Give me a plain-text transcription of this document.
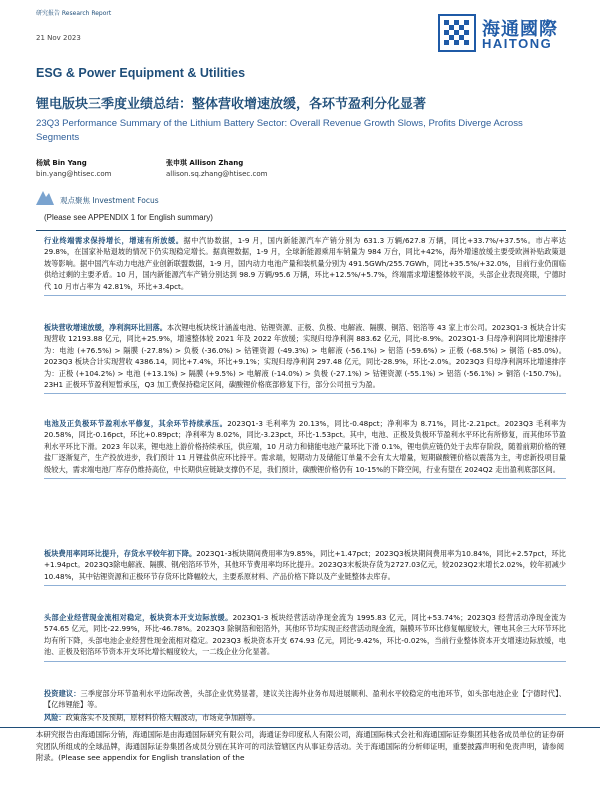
研究报告 Research Report
21 Nov 2023	海通國際
HAITONG
ESG & Power Equipment & Utilities
锂电版块三季度业绩总结：整体营收增速放缓，各环节盈利分化显著
23Q3 Performance Summary of the Lithium Battery Sector: Overall Revenue Growth Slows, Profits Diverge Across Segments
杨斌 Bin Yang
bin.yang@htisec.com
张申琪 Allison Zhang
allison.sq.zhang@htisec.com
观点聚焦 Investment Focus
(Please see APPENDIX 1 for English summary)
行业终端需求保持增长，增速有所放缓。据中汽协数据，1-9 月，国内新能源汽车产销分别为 631.3 万辆/627.8 万辆，同比+33.7%/+37.5%。市占率达 29.8%，在国家补贴退坡的情况下仍实现稳定增长。据真锂数据，1-9 月，全球新能源乘用车销量为 984 万台，同比+42%，海外增速放缓主要受欧洲补贴政策退坡等影响。据中国汽车动力电池产业创新联盟数据，1-9 月，国内动力电池产量和装机量分别为 491.5GWh/255.7GWh，同比+35.5%/+32.0%，目前行业仍面临供给过剩的主要矛盾。10 月，国内新能源汽车产销分别达到 98.9 万辆/95.6 万辆，环比+12.5%/+5.7%，终端需求增速整体较平淡，头部企业表现亮眼，宁德时代 10 月市占率为 42.81%，环比+3.4pct。
板块营收增速放缓，净利润环比回落。本次锂电板块统计涵盖电池、钴锂资源、正极、负极、电解液、隔膜、铜箔、铝箔等 43 家上市公司。2023Q1-3 板块合计实现营收 12193.88 亿元，同比+25.9%，增速整体较 2021 年及 2022 年放缓；实现归母净利润 883.62 亿元，同比-8.9%。2023Q1-3 归母净利润同比增速排序为：电池 (+76.5%) > 隔膜 (-27.8%) > 负极 (-36.0%) > 钴锂资源 (-49.3%) > 电解液 (-56.1%) > 铝箔 (-59.6%) > 正极 (-68.5%) > 铜箔 (-85.0%)。2023Q3 板块合计实现营收 4386.14，同比+7.4%，环比+9.1%；实现归母净利润 297.48 亿元，同比-28.9%，环比-2.0%。2023Q3 归母净利润环比增速排序为：正极 (+104.2%) > 电池 (+13.1%) > 隔膜 (+9.5%) > 电解液 (-14.0%) > 负极 (-27.1%) > 钴锂资源 (-55.1%) > 铝箔 (-56.1%) > 铜箔 (-150.7%)。23H1 正极环节盈利短暂承压，Q3 加工费保持稳定区间，碳酸锂价格底部修复下行，部分公司扭亏为盈。
电池及正负极环节盈利水平修复，其余环节持续承压。2023Q1-3 毛利率为 20.13%，同比-0.48pct；净利率为 8.71%，同比-2.21pct。2023Q3 毛利率为 20.58%，同比-0.16pct，环比+0.89pct；净利率为 8.02%，同比-3.23pct，环比-1.53pct。其中，电池、正极及负极环节盈利水平环比有所修复，而其他环节盈利水平环比下滑。2023 年以来，锂电池上游价格持续承压，供应端，10 月动力和储能电池产量环比下滑 0.1%，锂电供应链仍处于去库存阶段，随着前期价格的锂盐厂逐渐复产，生产投放进步，我们预计 11 月锂盐供应环比持平。需求端，短期动力及储能订单量不会有太大增量，短期碳酸锂价格以震荡为主，考虑新投项目量级较大，需求端电池厂库存仍维持高位，中长期供应链缺支撑仍不足，我们预计，碳酸锂价格仍有 10-15%的下降空间，行业有望在 2024Q2 走出盈利底部区间。
板块费用率同环比提升，存货水平较年初下降。2023Q1-3板块期间费用率为9.85%，同比+1.47pct；2023Q3板块期间费用率为10.84%，同比+2.57pct，环比+1.94pct。2023Q3除电解液、隔膜、钢/铝箔环节外，其他环节费用率均环比提升。2023Q3末板块存货为2727.03亿元，较2023Q2末增长2.02%，较年初减少10.48%，其中钴锂资源和正极环节存货环比降幅较大，主要系原材料、产品价格下降以及产业链整体去库存。
头部企业经营现金流相对稳定，板块资本开支边际放缓。2023Q1-3 板块经营活动净现金流为 1995.83 亿元，同比+53.74%；2023Q3 经营活动净现金流为 574.65 亿元，同比-22.99%，环比-46.78%。2023Q3 除铜箔和铝箔外，其他环节均实现正经营活动现金流，隔膜环节环比修复幅度较大，锂电其余三大环节环比均有所下降，头部电池企业经营性现金流相对稳定。2023Q3 板块资本开支 674.93 亿元，同比-9.42%，环比-0.02%，当前行业整体资本开支增速边际放缓，电池、正极及铝箔环节资本开支环比增长幅度较大，一二线企业分化显著。
投资建议：三季度部分环节盈利水平边际改善，头部企业优势显著，建议关注海外业务布局进展顺利、盈利水平较稳定的电池环节，如头部电池企业【宁德时代】、【亿纬锂能】等。
风险：政策落实不及预期，原材料价格大幅波动，市场竞争加剧等。
本研究报告由海通国际分销，海通国际是由海通国际研究有限公司，海通证券印度私人有限公司，海通国际株式会社和海通国际证券集团其他各成员单位的证券研究团队所组成的全球品牌，海通国际证券集团各成员分别在其许可的司法管辖区内从事证券活动。关于海通国际的分析师证明，重要披露声明和免责声明，请参阅附录。(Please see appendix for English translation of the
